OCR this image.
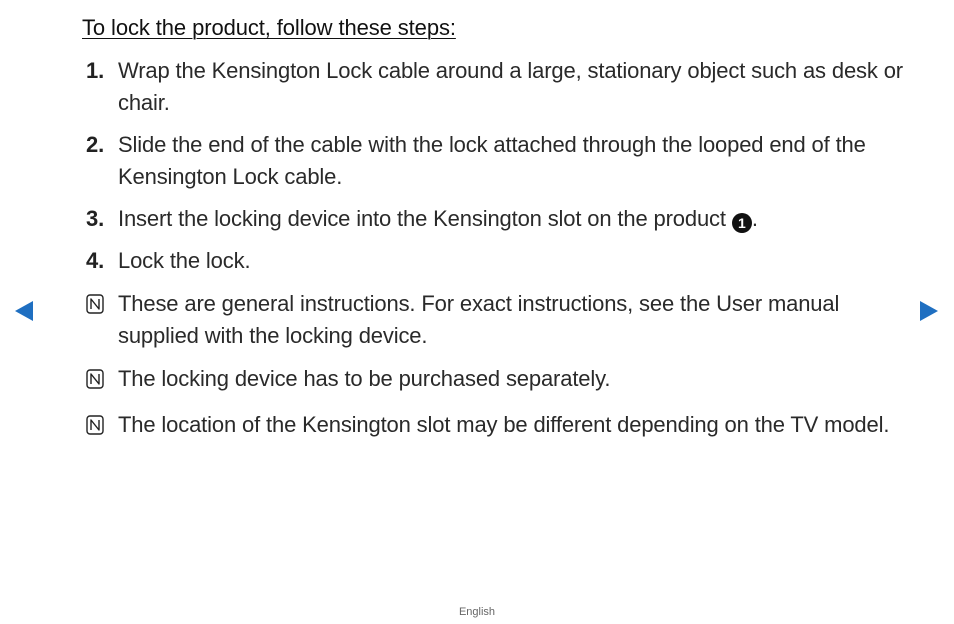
To lock the product, follow these steps:
1. Wrap the Kensington Lock cable around a large, stationary object such as desk or chair.
2. Slide the end of the cable with the lock attached through the looped end of the Kensington Lock cable.
3. Insert the locking device into the Kensington slot on the product 1 .
4. Lock the lock.
These are general instructions. For exact instructions, see the User manual supplied with the locking device.
The locking device has to be purchased separately.
The location of the Kensington slot may be different depending on the TV model.
English
